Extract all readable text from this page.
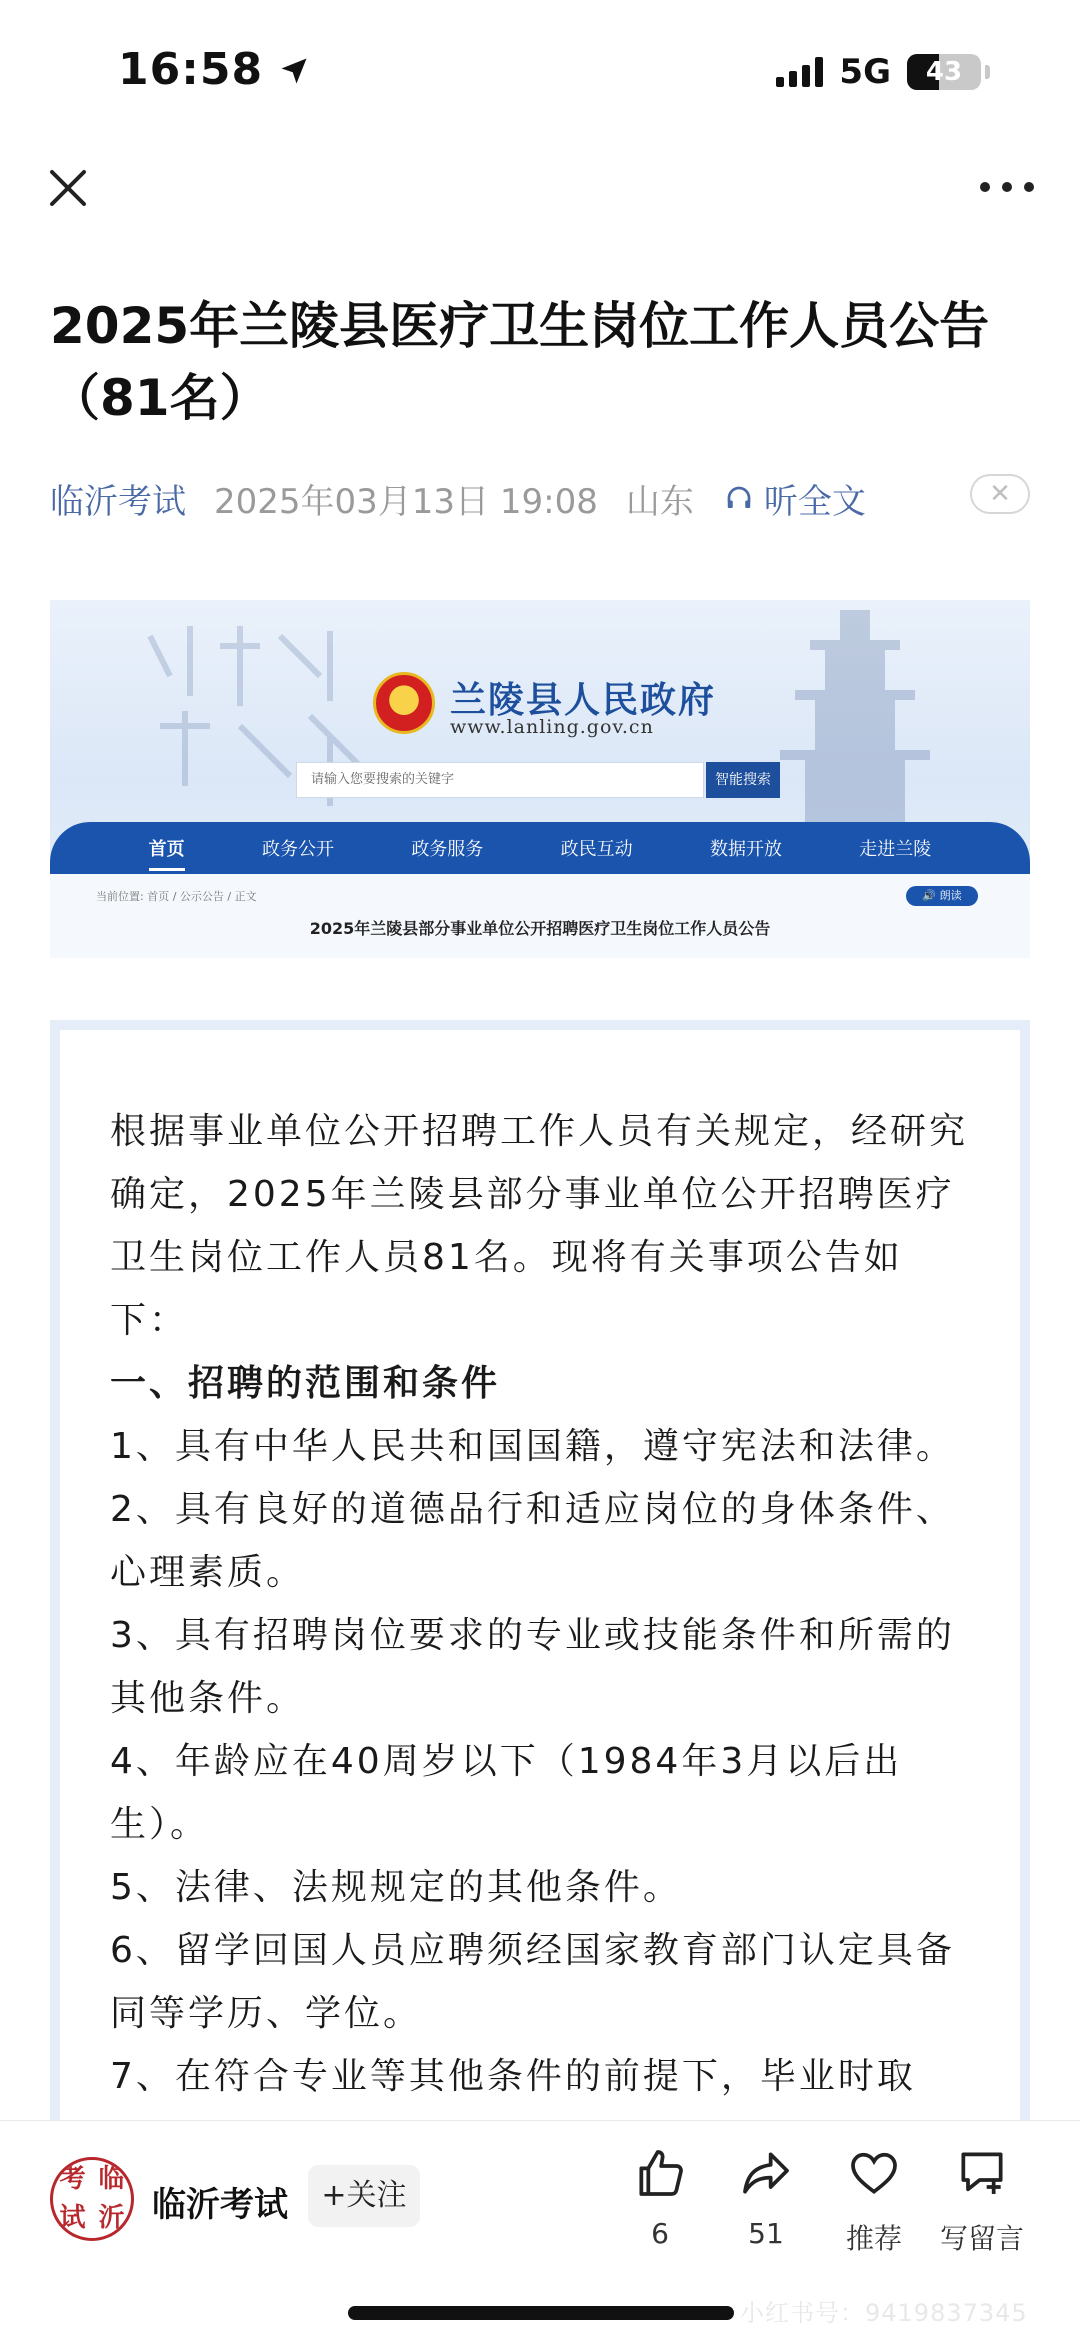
16:58	5G	43
2025年兰陵县医疗卫生岗位工作人员公告（81名）
临沂考试 2025年03月13日 19:08 山东 听全文	✕
兰陵县人民政府
www.lanling.gov.cn
请输入您要搜索的关键字	智能搜索
首页	政务公开	政务服务	政民互动	数据开放	走进兰陵
当前位置: 首页 / 公示公告 / 正文	🔊 朗读
2025年兰陵县部分事业单位公开招聘医疗卫生岗位工作人员公告

根据事业单位公开招聘工作人员有关规定，经研究确定，2025年兰陵县部分事业单位公开招聘医疗卫生岗位工作人员81名。现将有关事项公告如下：

一、招聘的范围和条件

1、具有中华人民共和国国籍，遵守宪法和法律。

2、具有良好的道德品行和适应岗位的身体条件、心理素质。

3、具有招聘岗位要求的专业或技能条件和所需的其他条件。

4、年龄应在40周岁以下（1984年3月以后出生）。

5、法律、法规规定的其他条件。

6、留学回国人员应聘须经国家教育部门认定具备同等学历、学位。

7、在符合专业等其他条件的前提下，毕业时取

考 临
试 沂 临沂考试	+关注
6	51 推荐 写留言
小红书号：9419837345
